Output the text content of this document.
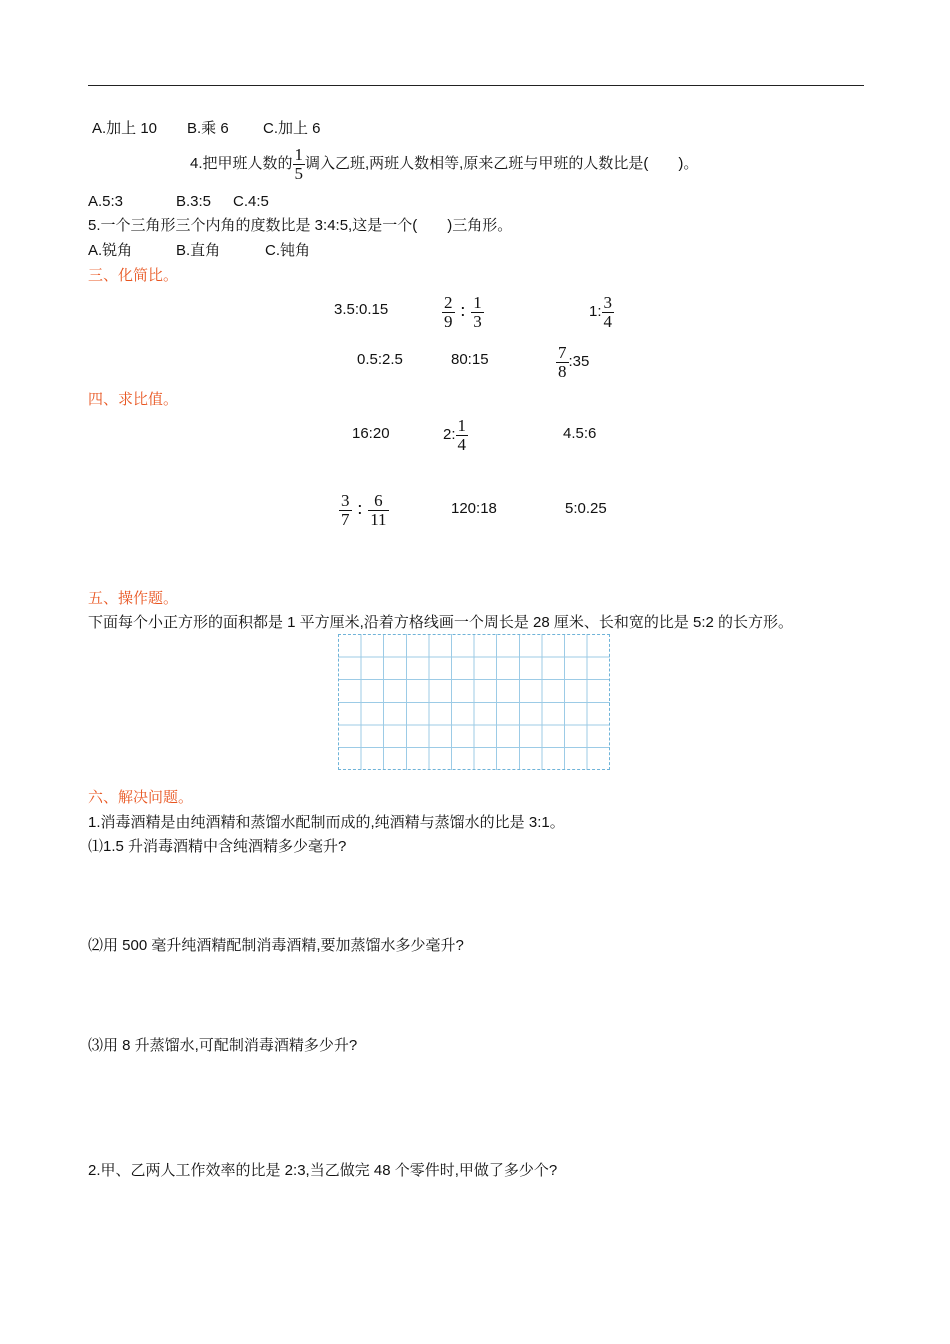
A.加上 10 B.乘 6 C.加上 6
4.把甲班人数的 $\frac{1}{5}$ 调入乙班,两班人数相等,原来乙班与甲班的人数比是(　　)。
A.5:3	B.3:5 C.4:5
5.一个三角形三个内角的度数比是 3:4:5,这是一个(　　)三角形。
A.锐角	B.直角	C.钝角
三、化简比。
3.5:0.15	$\frac{2}{9}$ ∶ $\frac{1}{3}$	1: $\frac{3}{4}$
0.5:2.5	80:15	$\frac{7}{8}$ :35
四、求比值。
16:20	2: $\frac{1}{4}$	4.5:6
$\frac{3}{7}$ ∶ $\frac{6}{11}$	120:18	5:0.25
五、操作题。
下面每个小正方形的面积都是 1 平方厘米,沿着方格线画一个周长是 28 厘米、长和宽的比是 5:2 的长方形。
六、解决问题。
1.消毒酒精是由纯酒精和蒸馏水配制而成的,纯酒精与蒸馏水的比是 3:1。
⑴1.5 升消毒酒精中含纯酒精多少毫升?
⑵用 500 毫升纯酒精配制消毒酒精,要加蒸馏水多少毫升?
⑶用 8 升蒸馏水,可配制消毒酒精多少升?
2.甲、乙两人工作效率的比是 2:3,当乙做完 48 个零件时,甲做了多少个?
